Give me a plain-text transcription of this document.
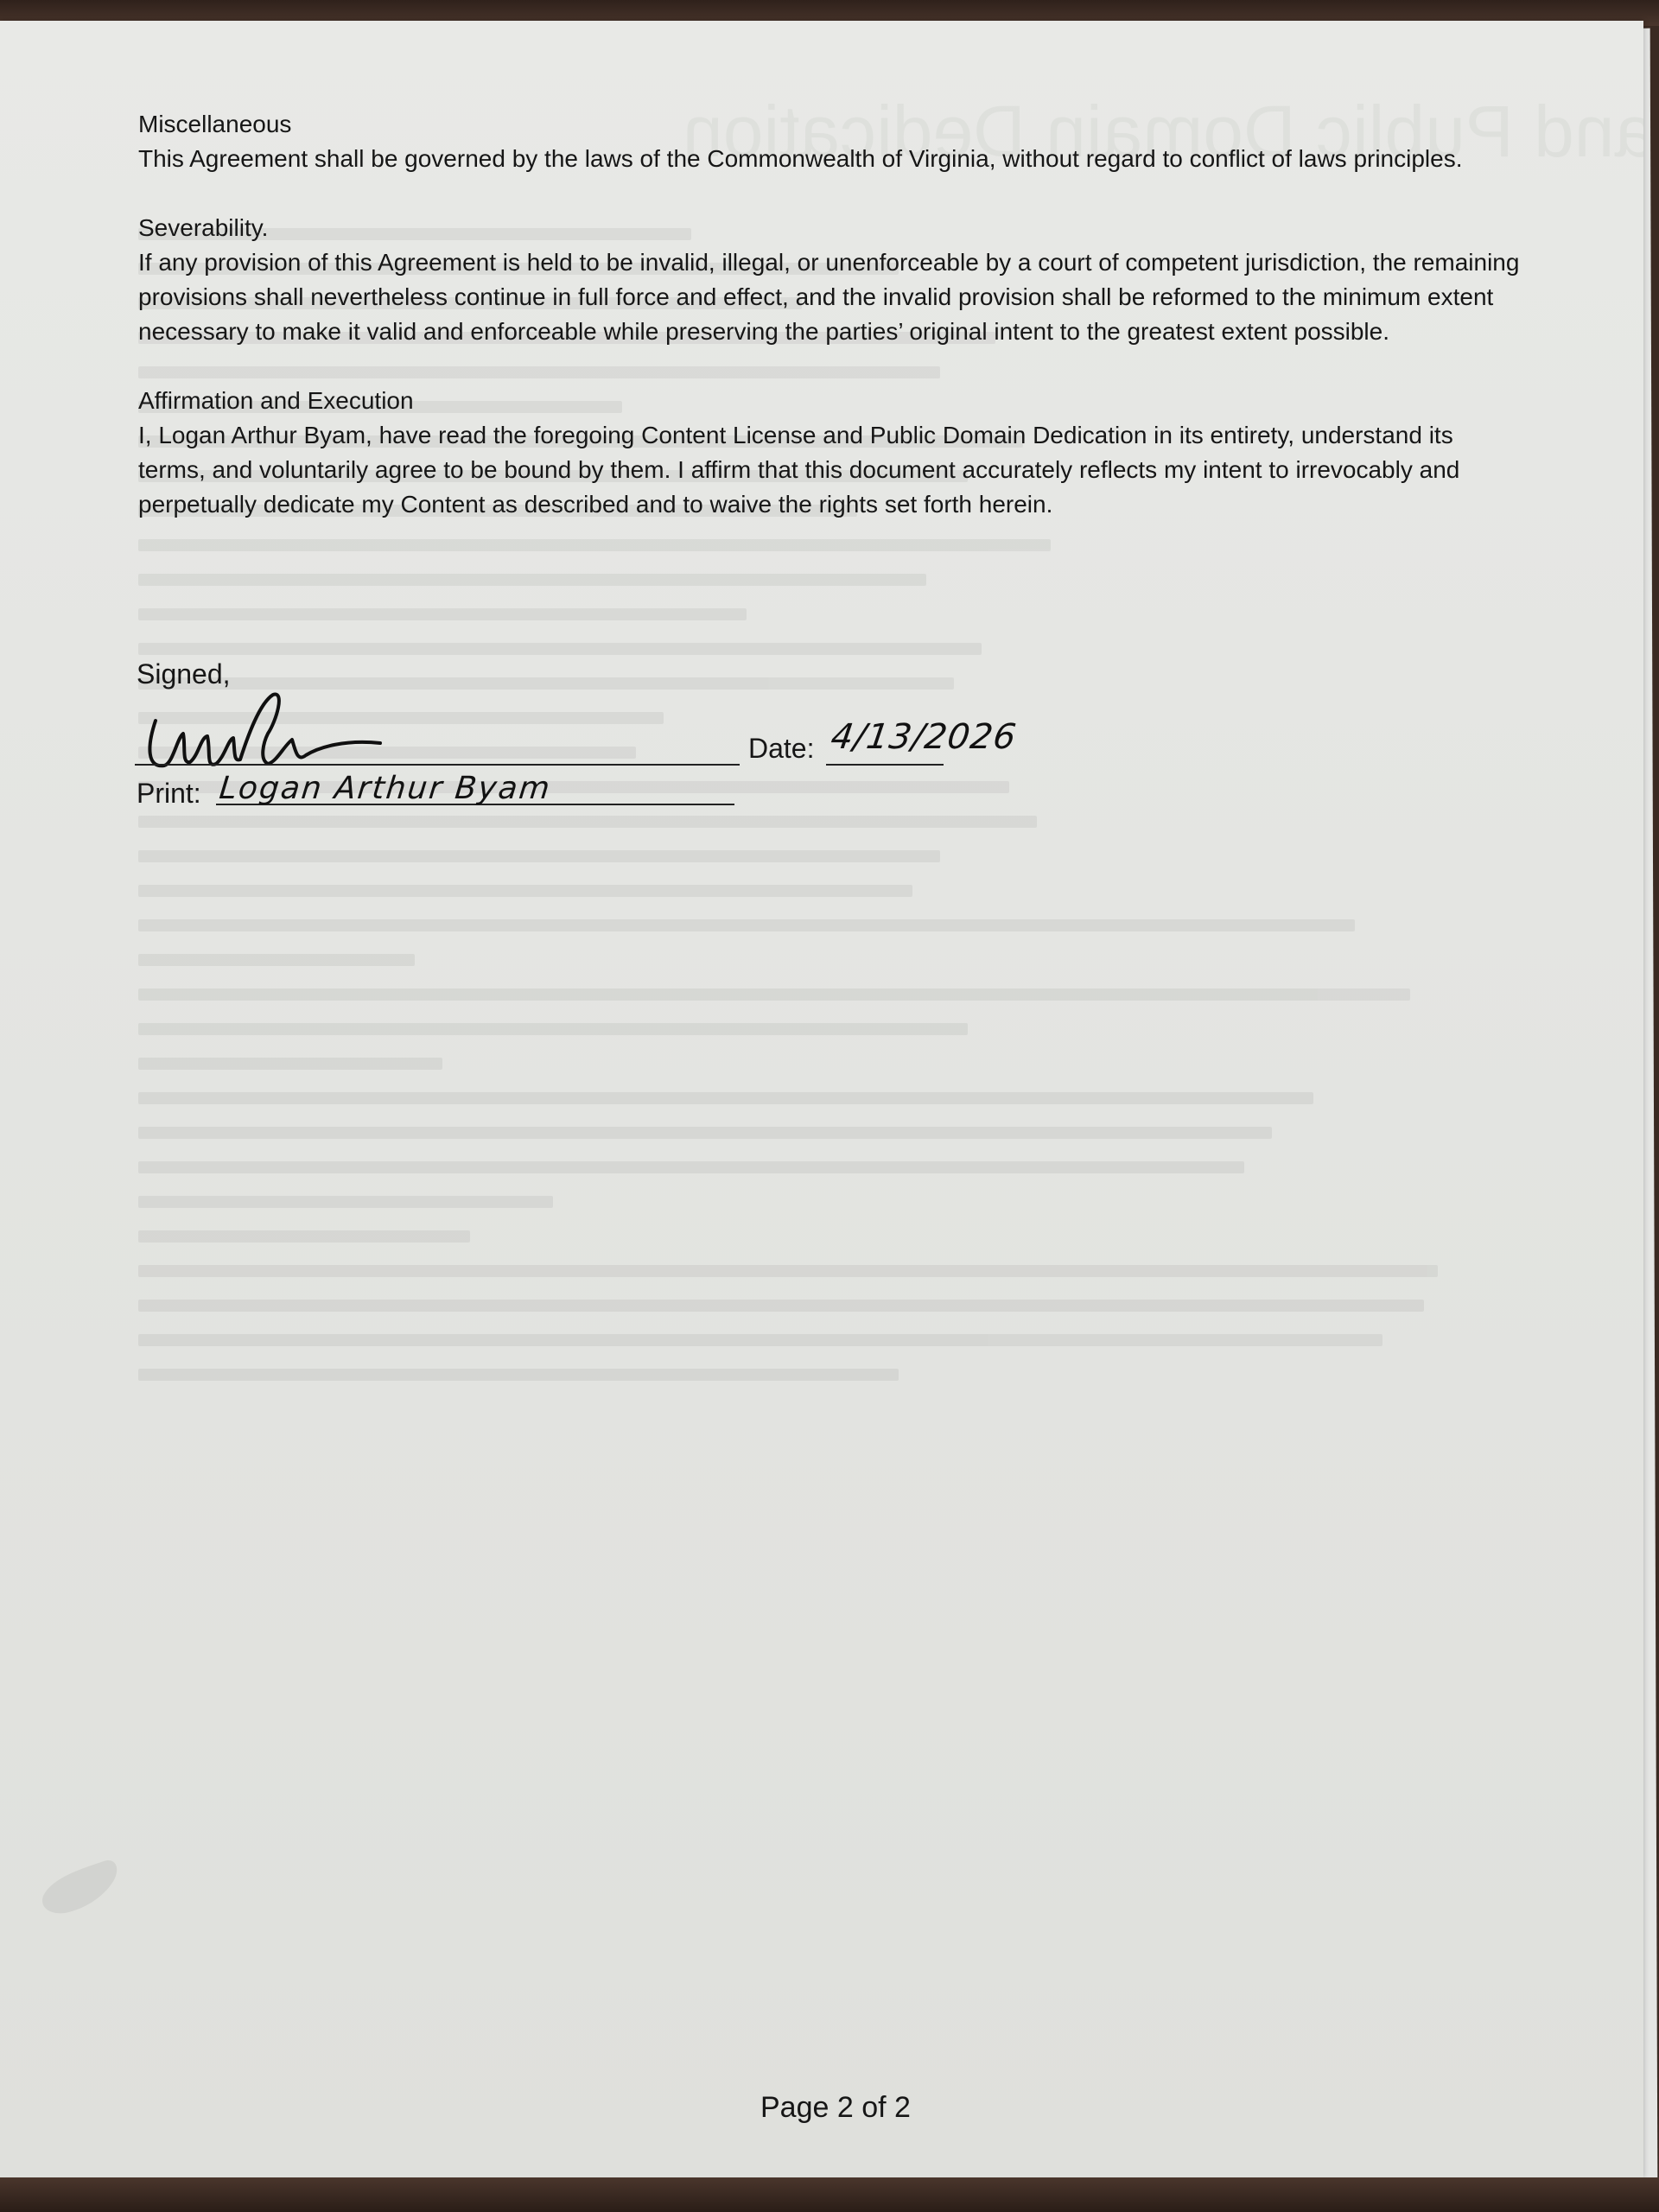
Miscellaneous

This Agreement shall be governed by the laws of the Commonwealth of Virginia, without regard to conflict of laws principles.

Severability.

If any provision of this Agreement is held to be invalid, illegal, or unenforceable by a court of competent jurisdiction, the remaining provisions shall nevertheless continue in full force and effect, and the invalid provision shall be reformed to the minimum extent necessary to make it valid and enforceable while preserving the parties’ original intent to the greatest extent possible.

Affirmation and Execution

I, Logan Arthur Byam, have read the foregoing Content License and Public Domain Dedication in its entirety, understand its terms, and voluntarily agree to be bound by them. I affirm that this document accurately reflects my intent to irrevocably and perpetually dedicate my Content as described and to waive the rights set forth herein.

Signed,
Date: 4/13/2026
Print: Logan Arthur Byam
Page 2 of 2
